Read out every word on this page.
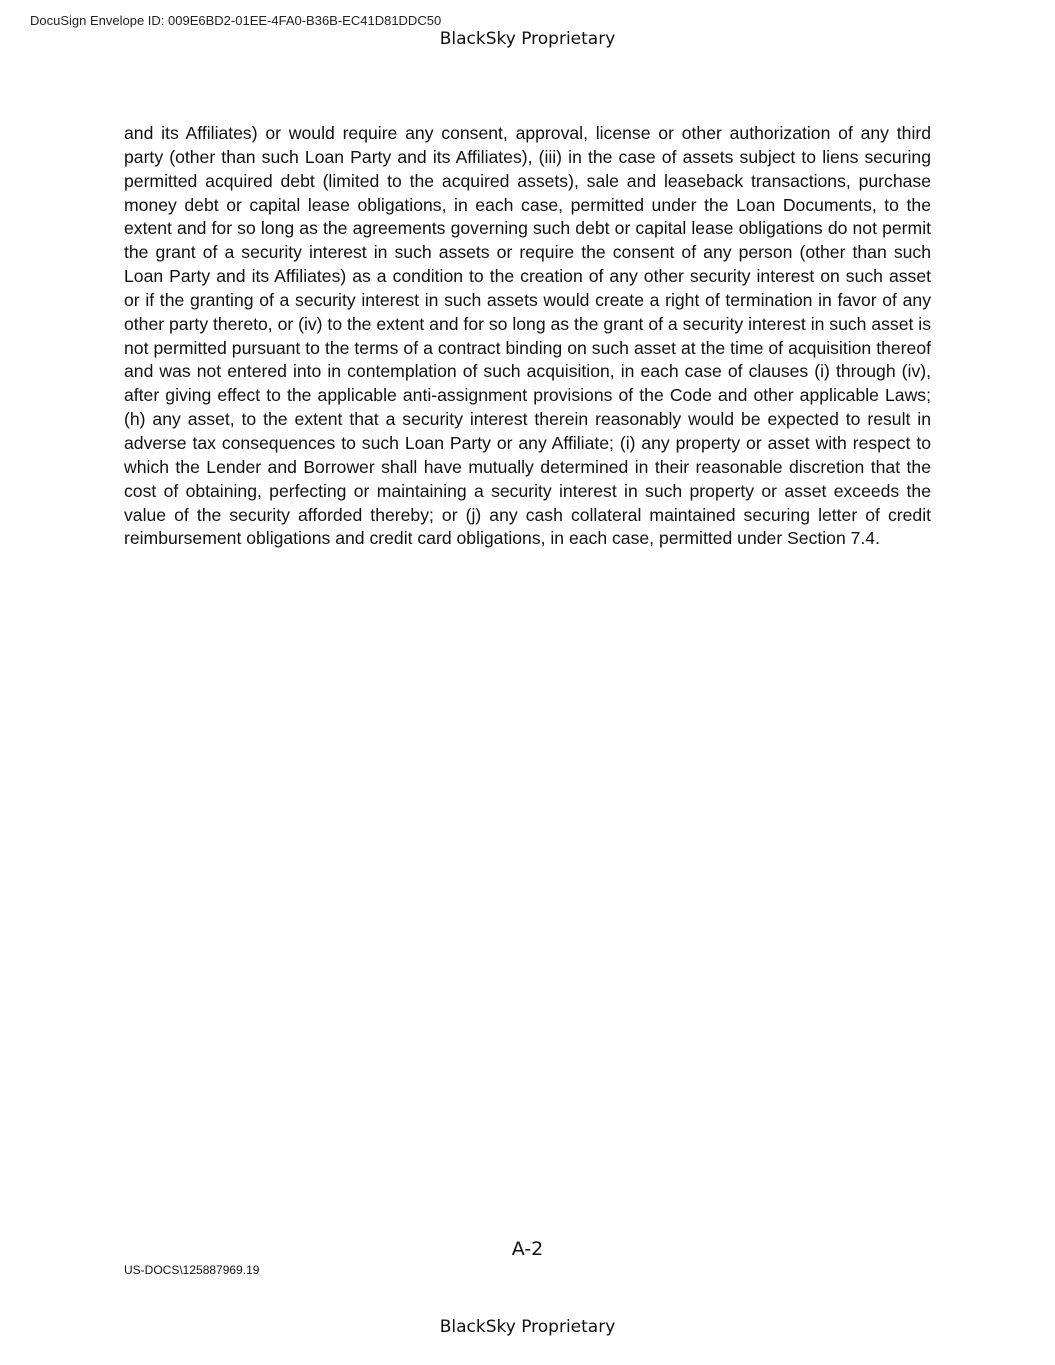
DocuSign Envelope ID: 009E6BD2-01EE-4FA0-B36B-EC41D81DDC50
BlackSky Proprietary

and its Affiliates) or would require any consent, approval, license or other authorization of any third party (other than such Loan Party and its Affiliates), (iii) in the case of assets subject to liens securing permitted acquired debt (limited to the acquired assets), sale and leaseback transactions, purchase money debt or capital lease obligations, in each case, permitted under the Loan Documents, to the extent and for so long as the agreements governing such debt or capital lease obligations do not permit the grant of a security interest in such assets or require the consent of any person (other than such Loan Party and its Affiliates) as a condition to the creation of any other security interest on such asset or if the granting of a security interest in such assets would create a right of termination in favor of any other party thereto, or (iv) to the extent and for so long as the grant of a security interest in such asset is not permitted pursuant to the terms of a contract binding on such asset at the time of acquisition thereof and was not entered into in contemplation of such acquisition, in each case of clauses (i) through (iv), after giving effect to the applicable anti-assignment provisions of the Code and other applicable Laws; (h) any asset, to the extent that a security interest therein reasonably would be expected to result in adverse tax consequences to such Loan Party or any Affiliate; (i) any property or asset with respect to which the Lender and Borrower shall have mutually determined in their reasonable discretion that the cost of obtaining, perfecting or maintaining a security interest in such property or asset exceeds the value of the security afforded thereby; or (j) any cash collateral maintained securing letter of credit reimbursement obligations and credit card obligations, in each case, permitted under Section 7.4.

A-2
US-DOCS\125887969.19
BlackSky Proprietary
